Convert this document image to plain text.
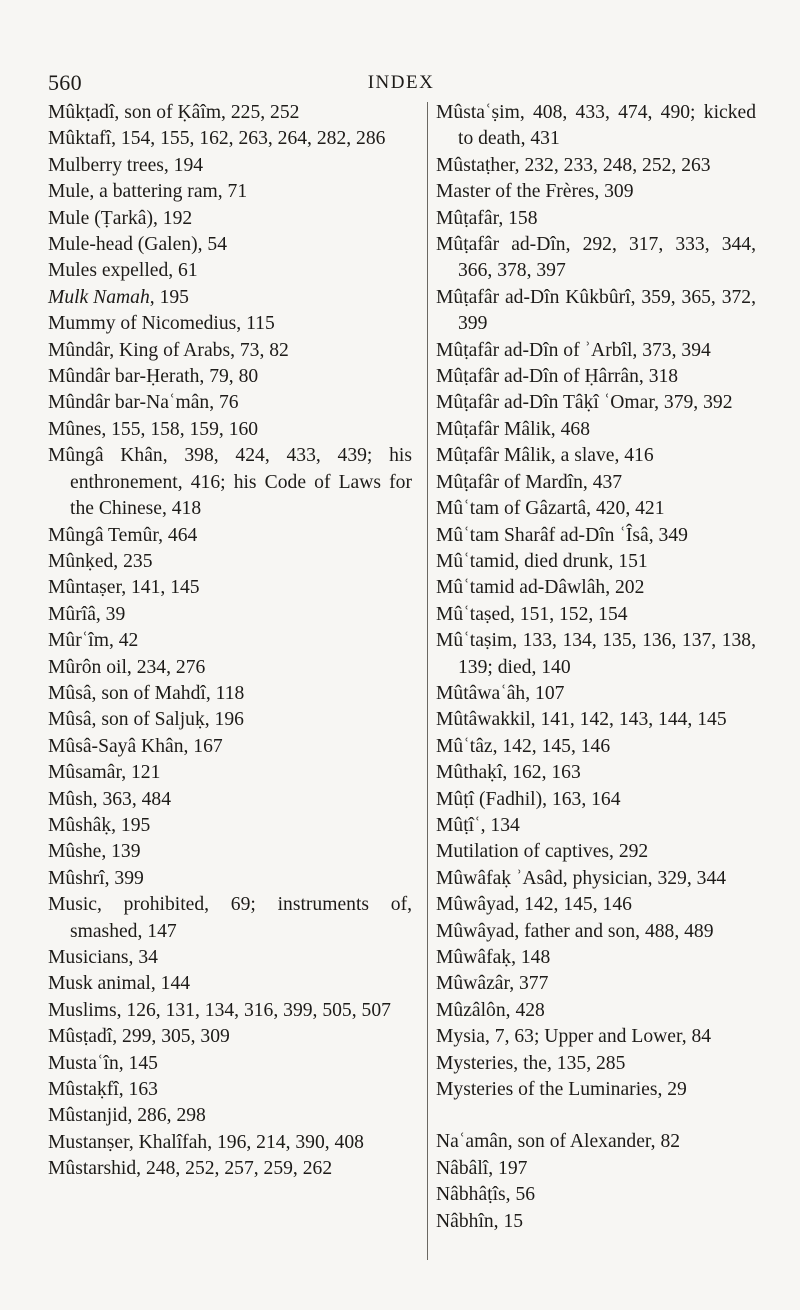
560	INDEX

Mûkṭadî, son of Ḳâîm, 225, 252

Mûktafî, 154, 155, 162, 263, 264, 282, 286

Mulberry trees, 194

Mule, a battering ram, 71

Mule (Ṭarkâ), 192

Mule-head (Galen), 54

Mules expelled, 61

Mulk Namah, 195

Mummy of Nicomedius, 115

Mûndâr, King of Arabs, 73, 82

Mûndâr bar-Ḥerath, 79, 80

Mûndâr bar-Naʿmân, 76

Mûnes, 155, 158, 159, 160

Mûngâ Khân, 398, 424, 433, 439; his enthronement, 416; his Code of Laws for the Chinese, 418

Mûngâ Temûr, 464

Mûnḳed, 235

Mûntaṣer, 141, 145

Mûrîâ, 39

Mûrʿîm, 42

Mûrôn oil, 234, 276

Mûsâ, son of Mahdî, 118

Mûsâ, son of Saljuḳ, 196

Mûsâ-Sayâ Khân, 167

Mûsamâr, 121

Mûsh, 363, 484

Mûshâḳ, 195

Mûshe, 139

Mûshrî, 399

Music, prohibited, 69; instruments of, smashed, 147

Musicians, 34

Musk animal, 144

Muslims, 126, 131, 134, 316, 399, 505, 507

Mûsṭadî, 299, 305, 309

Mustaʿîn, 145

Mûstaḳfî, 163

Mûstanjid, 286, 298

Mustanṣer, Khalîfah, 196, 214, 390, 408

Mûstarshid, 248, 252, 257, 259, 262

Mûstaʿṣim, 408, 433, 474, 490; kicked to death, 431

Mûstaṭher, 232, 233, 248, 252, 263

Master of the Frères, 309

Mûṭafâr, 158

Mûṭafâr ad-Dîn, 292, 317, 333, 344, 366, 378, 397

Mûṭafâr ad-Dîn Kûkbûrî, 359, 365, 372, 399

Mûṭafâr ad-Dîn of ʾArbîl, 373, 394

Mûṭafâr ad-Dîn of Ḥârrân, 318

Mûṭafâr ad-Dîn Tâḳî ʿOmar, 379, 392

Mûṭafâr Mâlik, 468

Mûṭafâr Mâlik, a slave, 416

Mûṭafâr of Mardîn, 437

Mûʿtam of Gâzartâ, 420, 421

Mûʿtam Sharâf ad-Dîn ʿÎsâ, 349

Mûʿtamid, died drunk, 151

Mûʿtamid ad-Dâwlâh, 202

Mûʿtaṣed, 151, 152, 154

Mûʿtaṣim, 133, 134, 135, 136, 137, 138, 139; died, 140

Mûtâwaʿâh, 107

Mûtâwakkil, 141, 142, 143, 144, 145

Mûʿtâz, 142, 145, 146

Mûthaḳî, 162, 163

Mûṭî (Fadhil), 163, 164

Mûṭîʿ, 134

Mutilation of captives, 292

Mûwâfaḳ ʾAsâd, physician, 329, 344

Mûwâyad, 142, 145, 146

Mûwâyad, father and son, 488, 489

Mûwâfaḳ, 148

Mûwâzâr, 377

Mûzâlôn, 428

Mysia, 7, 63; Upper and Lower, 84

Mysteries, the, 135, 285

Mysteries of the Luminaries, 29

Naʿamân, son of Alexander, 82

Nâbâlî, 197

Nâbhâṭîs, 56

Nâbhîn, 15
